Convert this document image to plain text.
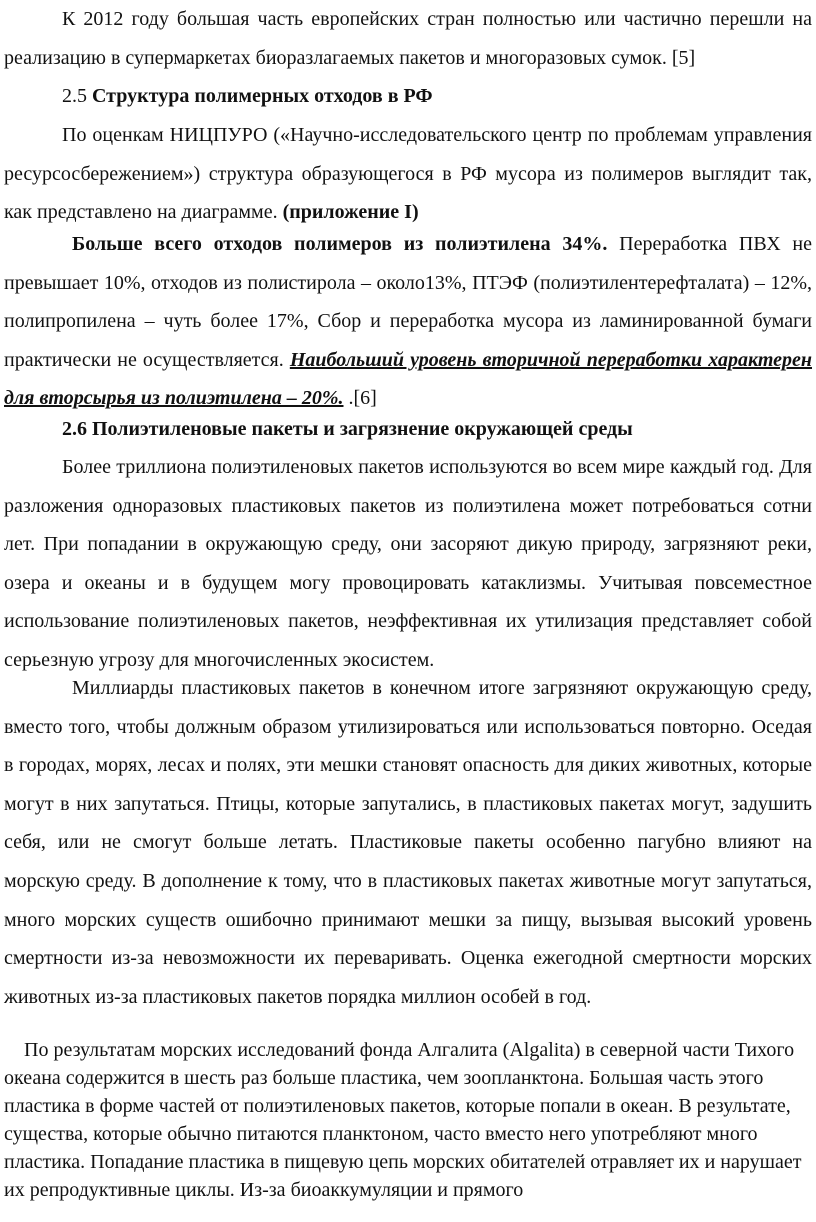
К 2012 году большая часть европейских стран полностью или частично перешли на реализацию в супермаркетах биоразлагаемых пакетов и многоразовых сумок. [5]

2.5 Структура полимерных отходов в РФ

По оценкам НИЦПУРО («Научно-исследовательского центр по проблемам управления ресурсосбережением») структура образующегося в РФ мусора из полимеров выглядит так, как представлено на диаграмме. (приложение I)

Больше всего отходов полимеров из полиэтилена 34%. Переработка ПВХ не превышает 10%, отходов из полистирола – около13%, ПТЭФ (полиэтилентерефталата) – 12%, полипропилена – чуть более 17%, Сбор и переработка мусора из ламинированной бумаги практически не осуществляется. Наибольший уровень вторичной переработки характерен для вторсырья из полиэтилена – 20%. .[6]

2.6 Полиэтиленовые пакеты и загрязнение окружающей среды

Более триллиона полиэтиленовых пакетов используются во всем мире каждый год. Для разложения одноразовых пластиковых пакетов из полиэтилена может потребоваться сотни лет. При попадании в окружающую среду, они засоряют дикую природу, загрязняют реки, озера и океаны и в будущем могу провоцировать катаклизмы. Учитывая повсеместное использование полиэтиленовых пакетов, неэффективная их утилизация представляет собой серьезную угрозу для многочисленных экосистем.

Миллиарды пластиковых пакетов в конечном итоге загрязняют окружающую среду, вместо того, чтобы должным образом утилизироваться или использоваться повторно. Оседая в городах, морях, лесах и полях, эти мешки становят опасность для диких животных, которые могут в них запутаться. Птицы, которые запутались, в пластиковых пакетах могут, задушить себя, или не смогут больше летать. Пластиковые пакеты особенно пагубно влияют на морскую среду. В дополнение к тому, что в пластиковых пакетах животные могут запутаться, много морских существ ошибочно принимают мешки за пищу, вызывая высокий уровень смертности из-за невозможности их переваривать. Оценка ежегодной смертности морских животных из-за пластиковых пакетов порядка миллион особей в год.

По результатам морских исследований фонда Алгалита (Algalita) в северной части Тихого океана содержится в шесть раз больше пластика, чем зоопланктона. Большая часть этого пластика в форме частей от полиэтиленовых пакетов, которые попали в океан. В результате, существа, которые обычно питаются планктоном, часто вместо него употребляют много пластика. Попадание пластика в пищевую цепь морских обитателей отравляет их и нарушает их репродуктивные циклы. Из-за биоаккумуляции и прямого
